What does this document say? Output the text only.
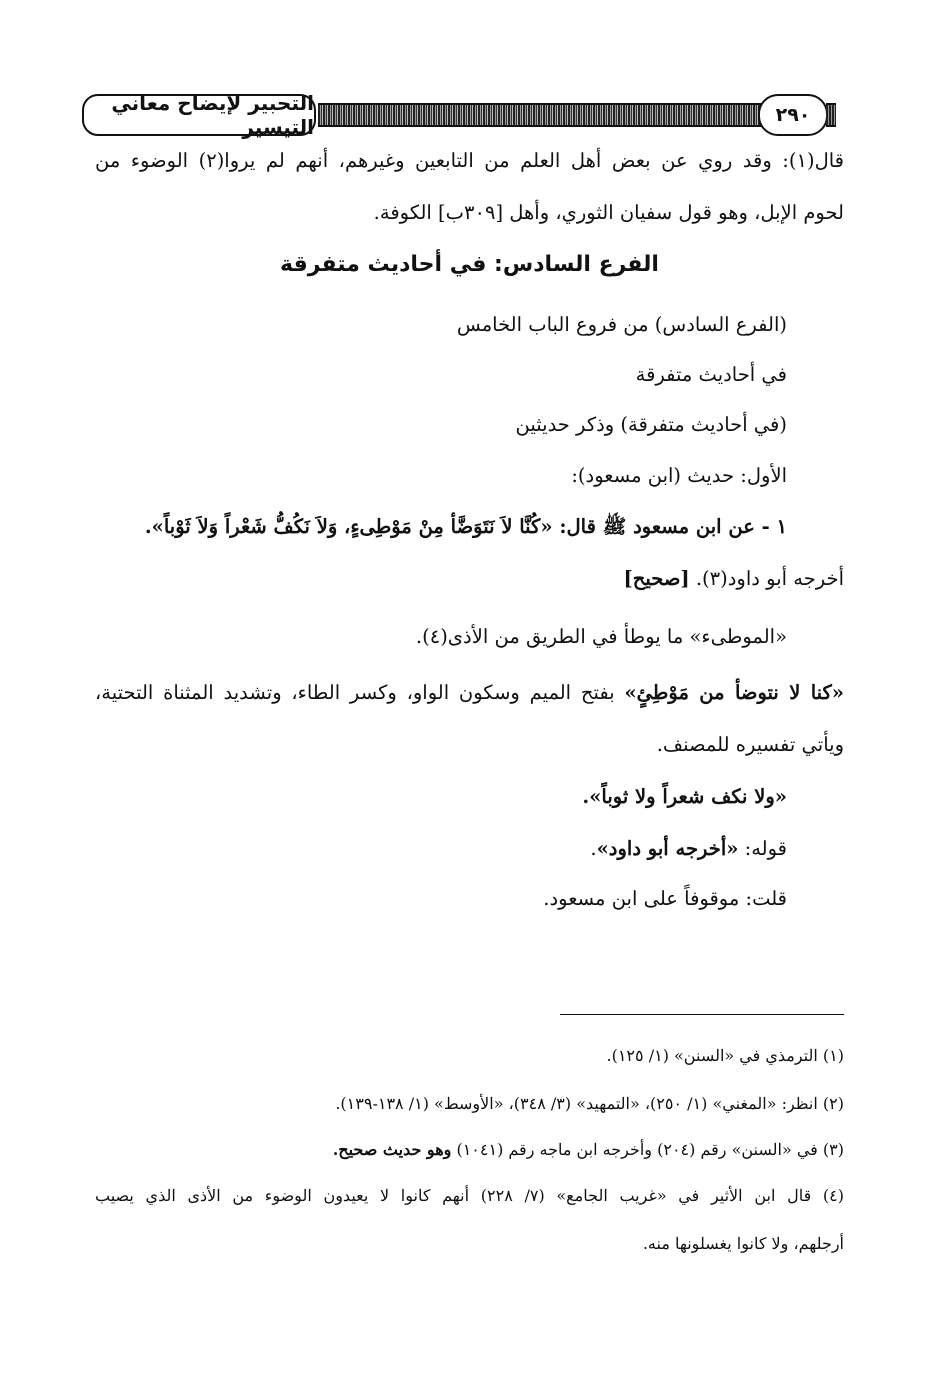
التحبير لإيضاح معاني التيسير	٢٩٠
قال(١): وقد روي عن بعض أهل العلم من التابعين وغيرهم، أنهم لم يروا(٢) الوضوء من
لحوم الإبل، وهو قول سفيان الثوري، وأهل [٣٠٩ب] الكوفة.
الفرع السادس: في أحاديث متفرقة
(الفرع السادس) من فروع الباب الخامس
في أحاديث متفرقة
(في أحاديث متفرقة) وذكر حديثين
الأول: حديث (ابن مسعود):
١ - عن ابن مسعود ﷺ قال: «كُنَّا لاَ نَتَوَضَّأ مِنْ مَوْطِىءٍ، وَلاَ نَكُفُّ شَعْراً وَلاَ ثَوْباً».
أخرجه أبو داود(٣). [صحيح]
«الموطىء» ما يوطأ في الطريق من الأذى(٤).
«كنا لا نتوضأ من مَوْطِئٍ» بفتح الميم وسكون الواو، وكسر الطاء، وتشديد المثناة التحتية،
ويأتي تفسيره للمصنف.
«ولا نكف شعراً ولا ثوباً».
قوله: «أخرجه أبو داود».
قلت: موقوفاً على ابن مسعود.
(١) الترمذي في «السنن» (١/ ١٢٥).
(٢) انظر: «المغني» (١/ ٢٥٠)، «التمهيد» (٣/ ٣٤٨)، «الأوسط» (١/ ١٣٨-١٣٩).
(٣) في «السنن» رقم (٢٠٤) وأخرجه ابن ماجه رقم (١٠٤١) وهو حديث صحيح.
(٤) قال ابن الأثير في «غريب الجامع» (٧/ ٢٢٨) أنهم كانوا لا يعيدون الوضوء من الأذى الذي يصيب
أرجلهم، ولا كانوا يغسلونها منه.
